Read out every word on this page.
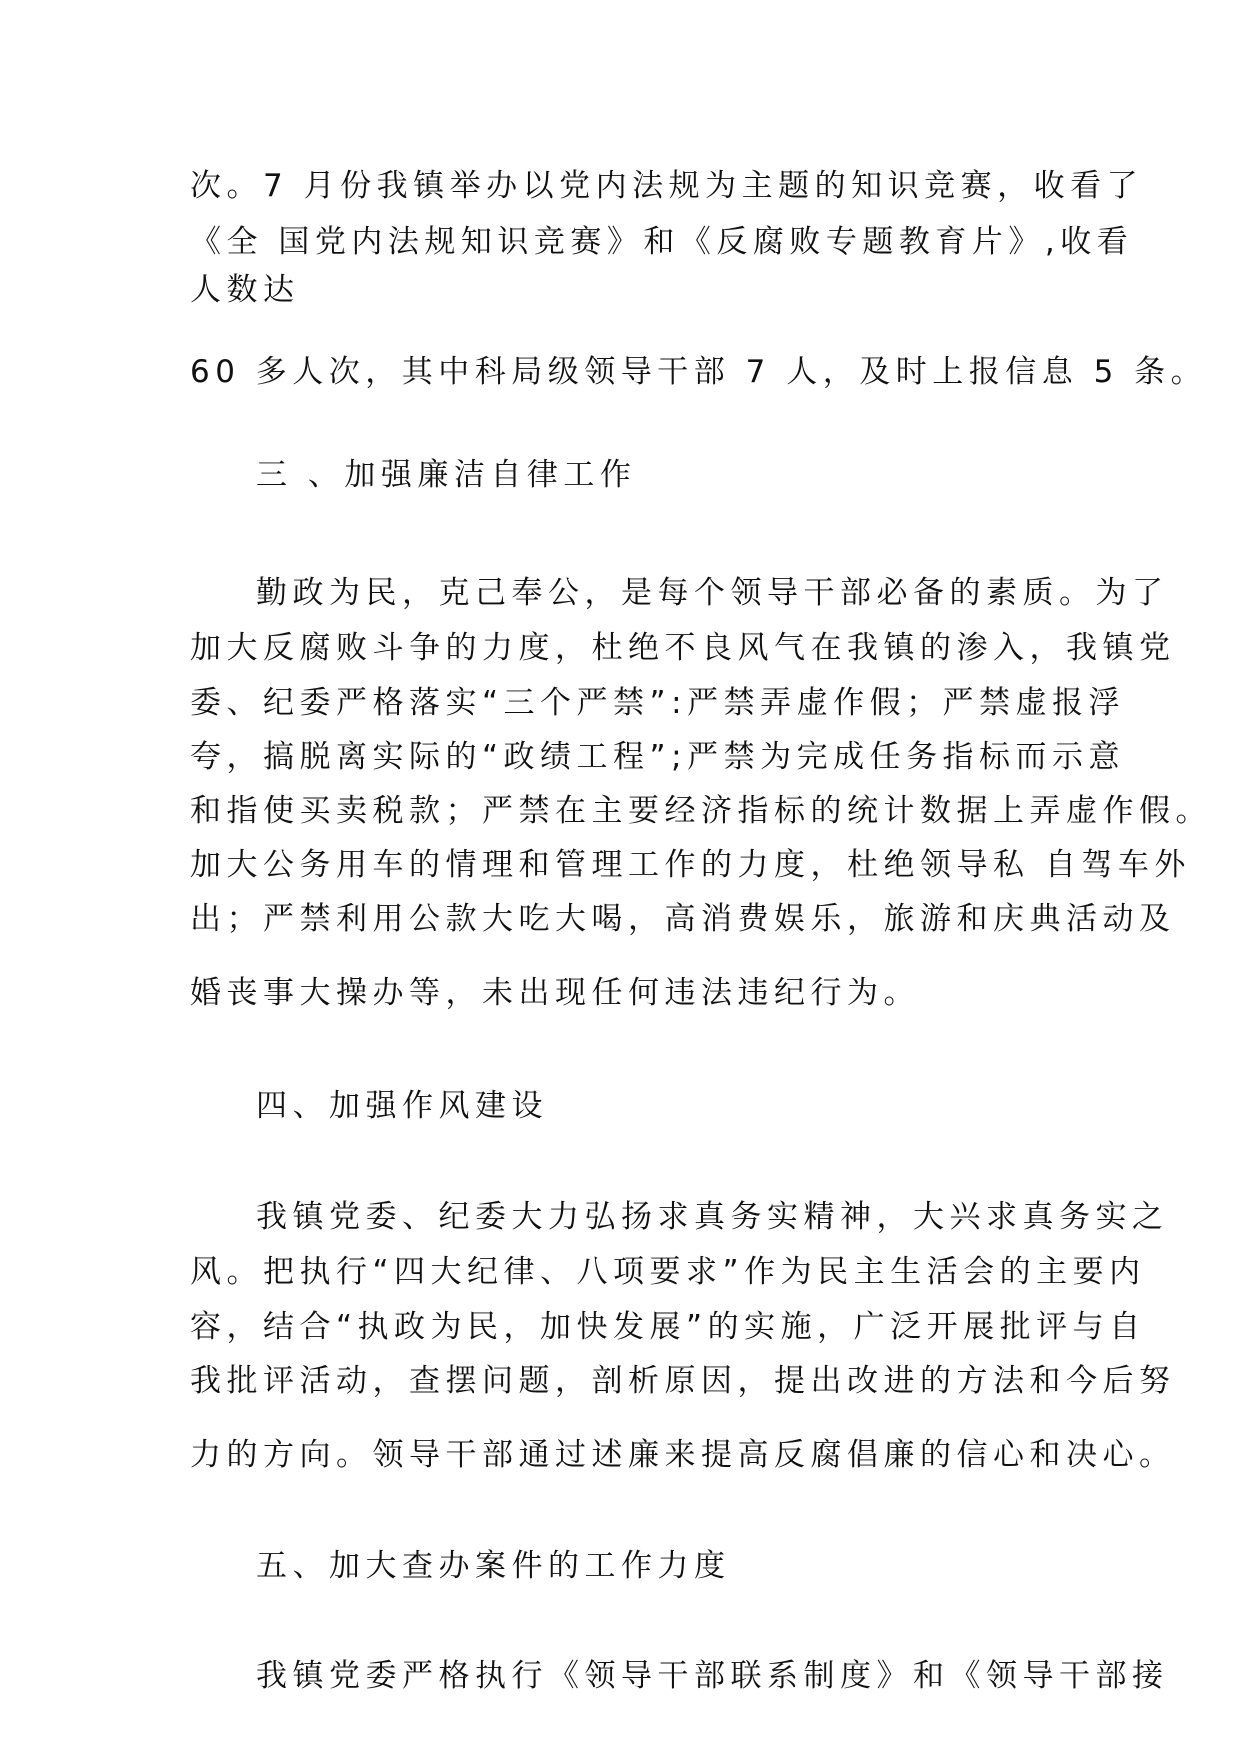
次。7 月份我镇举办以党内法规为主题的知识竞赛，收看了
《全 国党内法规知识竞赛》和《反腐败专题教育片》,收看
人数达
60 多人次，其中科局级领导干部 7 人，及时上报信息 5 条。
三 、加强廉洁自律工作
勤政为民，克己奉公，是每个领导干部必备的素质。为了
加大反腐败斗争的力度，杜绝不良风气在我镇的渗入，我镇党
委、纪委严格落实“三个严禁”:严禁弄虚作假；严禁虚报浮
夸，搞脱离实际的“政绩工程”;严禁为完成任务指标而示意
和指使买卖税款；严禁在主要经济指标的统计数据上弄虚作假。
加大公务用车的情理和管理工作的力度，杜绝领导私 自驾车外
出；严禁利用公款大吃大喝，高消费娱乐，旅游和庆典活动及
婚丧事大操办等，未出现任何违法违纪行为。
四、加强作风建设
我镇党委、纪委大力弘扬求真务实精神，大兴求真务实之
风。把执行“四大纪律、八项要求”作为民主生活会的主要内
容，结合“执政为民，加快发展”的实施，广泛开展批评与自
我批评活动，查摆问题，剖析原因，提出改进的方法和今后努
力的方向。领导干部通过述廉来提高反腐倡廉的信心和决心。
五、加大查办案件的工作力度
我镇党委严格执行《领导干部联系制度》和《领导干部接
